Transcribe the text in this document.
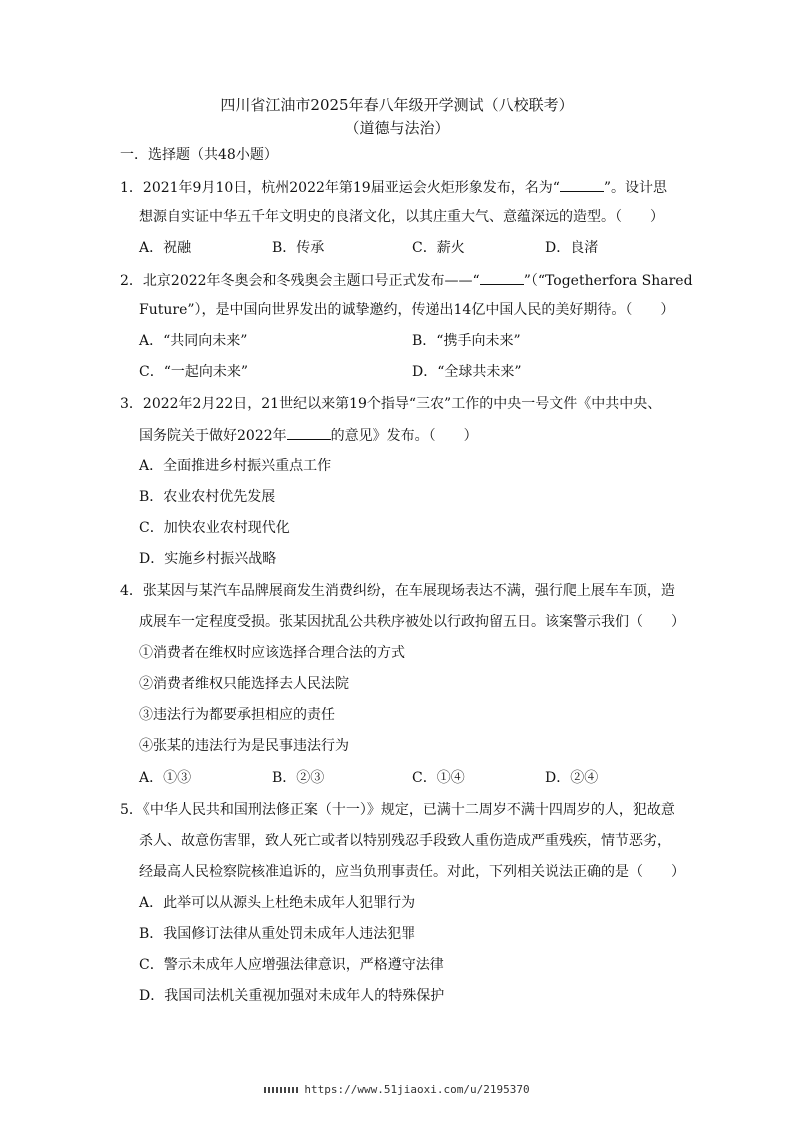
四川省江油市2025年春八年级开学测试（八校联考）
（道德与法治）
一．选择题（共48小题）
1．2021年9月10日，杭州2022年第19届亚运会火炬形象发布，名为“	”。设计思
想源自实证中华五千年文明史的良渚文化，以其庄重大气、意蕴深远的造型。（　　）
A．祝融	B．传承	C．薪火	D．良渚
2．北京2022年冬奥会和冬残奥会主题口号正式发布——“	”（“Togetherfora Shared
Future”），是中国向世界发出的诚挚邀约，传递出14亿中国人民的美好期待。（　　）
A．“共同向未来”	B．“携手向未来”
C．“一起向未来”	D．“全球共未来”
3．2022年2月22日，21世纪以来第19个指导“三农”工作的中央一号文件《中共中央、
国务院关于做好2022年	的意见》发布。（　　）
A．全面推进乡村振兴重点工作
B．农业农村优先发展
C．加快农业农村现代化
D．实施乡村振兴战略
4．张某因与某汽车品牌展商发生消费纠纷，在车展现场表达不满，强行爬上展车车顶，造
成展车一定程度受损。张某因扰乱公共秩序被处以行政拘留五日。该案警示我们（　　）
①消费者在维权时应该选择合理合法的方式
②消费者维权只能选择去人民法院
③违法行为都要承担相应的责任
④张某的违法行为是民事违法行为
A．①③	B．②③	C．①④	D．②④
5．《中华人民共和国刑法修正案（十一）》规定，已满十二周岁不满十四周岁的人，犯故意
杀人、故意伤害罪，致人死亡或者以特别残忍手段致人重伤造成严重残疾，情节恶劣，
经最高人民检察院核准追诉的，应当负刑事责任。对此，下列相关说法正确的是（　　）
A．此举可以从源头上杜绝未成年人犯罪行为
B．我国修订法律从重处罚未成年人违法犯罪
C．警示未成年人应增强法律意识，严格遵守法律
D．我国司法机关重视加强对未成年人的特殊保护
https://www.51jiaoxi.com/u/2195370
